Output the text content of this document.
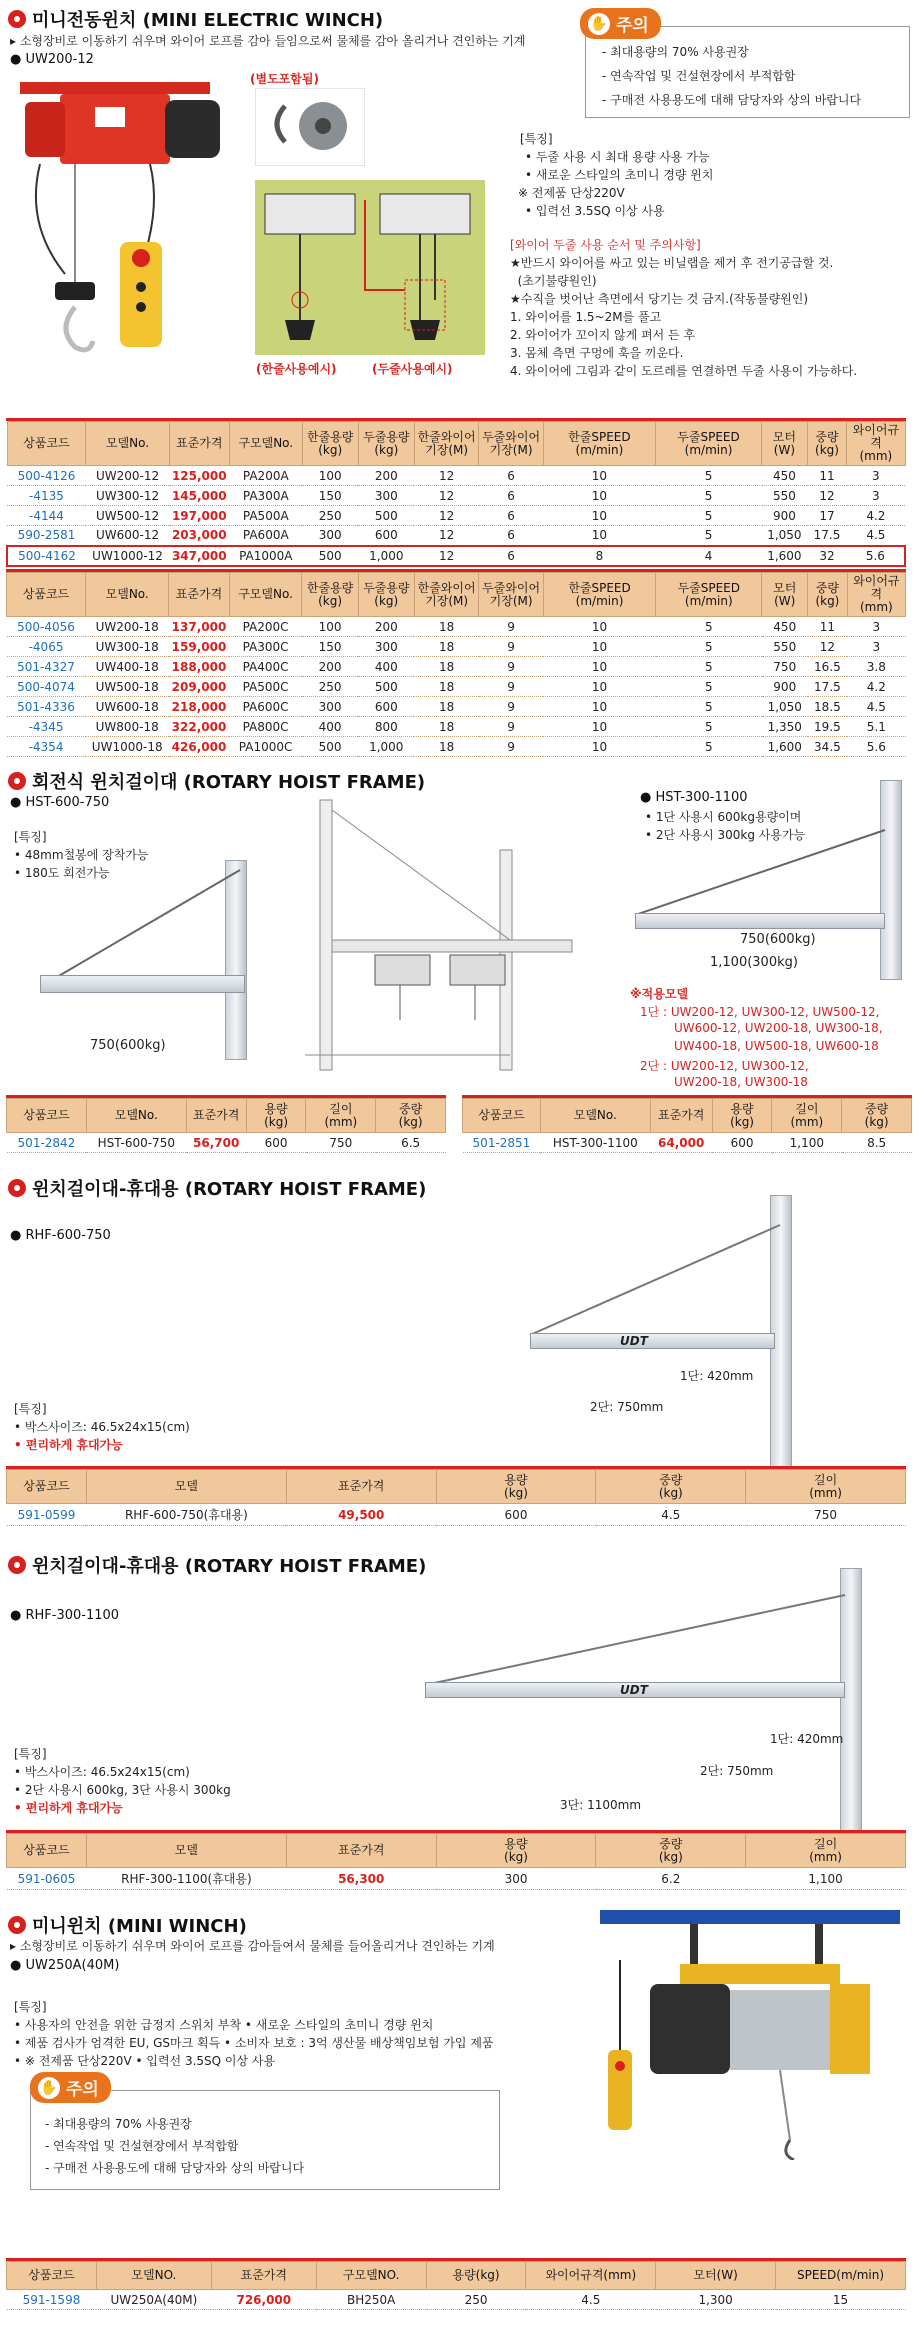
미니전동윈치 (MINI ELECTRIC WINCH)
▸ 소형장비로 이동하기 쉬우며 와이어 로프를 감아 들임으로써 물체를 감아 올리거나 견인하는 기계
● UW200-12
(별도포함됨)
(한줄사용예시)	(두줄사용예시)
- 최대용량의 70% 사용권장
- 연속작업 및 건설현장에서 부적합함
- 구매전 사용용도에 대해 담당자와 상의 바랍니다
✋ 주의
[특징]
• 두줄 사용 시 최대 용량 사용 가능
• 새로운 스타일의 초미니 경량 윈치
※ 전제품 단상220V
• 입력선 3.5SQ 이상 사용
[와이어 두줄 사용 순서 및 주의사항]
★반드시 와이어를 싸고 있는 비닐랩을 제거 후 전기공급할 것.
(초기불량원인)
★수직을 벗어난 측면에서 당기는 것 금지.(작동불량원인)
1. 와이어를 1.5~2M를 풀고
2. 와이어가 꼬이지 않게 펴서 든 후
3. 몸체 측면 구멍에 훅을 끼운다.
4. 와이어에 그림과 같이 도르레를 연결하면 두줄 사용이 가능하다.
상품코드	모델No.	표준가격	구모델No.	한줄용량
(kg)	두줄용량
(kg)	한줄와이어
기장(M)	두줄와이어
기장(M)	한줄SPEED
(m/min)	두줄SPEED
(m/min)	모터
(W)	중량
(kg)	와이어규격
(mm)
500-4126	UW200-12	125,000	PA200A	100	200	12	6	10	5	450	11	3
-4135	UW300-12	145,000	PA300A	150	300	12	6	10	5	550	12	3
-4144	UW500-12	197,000	PA500A	250	500	12	6	10	5	900	17	4.2
590-2581	UW600-12	203,000	PA600A	300	600	12	6	10	5	1,050	17.5	4.5
500-4162	UW1000-12	347,000	PA1000A	500	1,000	12	6	8	4	1,600	32	5.6
상품코드	모델No.	표준가격	구모델No.	한줄용량
(kg)	두줄용량
(kg)	한줄와이어
기장(M)	두줄와이어
기장(M)	한줄SPEED
(m/min)	두줄SPEED
(m/min)	모터
(W)	중량
(kg)	와이어규격
(mm)
500-4056	UW200-18	137,000	PA200C	100	200	18	9	10	5	450	11	3
-4065	UW300-18	159,000	PA300C	150	300	18	9	10	5	550	12	3
501-4327	UW400-18	188,000	PA400C	200	400	18	9	10	5	750	16.5	3.8
500-4074	UW500-18	209,000	PA500C	250	500	18	9	10	5	900	17.5	4.2
501-4336	UW600-18	218,000	PA600C	300	600	18	9	10	5	1,050	18.5	4.5
-4345	UW800-18	322,000	PA800C	400	800	18	9	10	5	1,350	19.5	5.1
-4354	UW1000-18	426,000	PA1000C	500	1,000	18	9	10	5	1,600	34.5	5.6
회전식 윈치걸이대 (ROTARY HOIST FRAME)
● HST-600-750
[특징]
• 48mm철봉에 장착가능
• 180도 회전가능
750(600kg)
● HST-300-1100
• 1단 사용시 600kg용량이며
• 2단 사용시 300kg 사용가능
750(600kg)
1,100(300kg)
※적용모델
1단 : UW200-12, UW300-12, UW500-12,
UW600-12, UW200-18, UW300-18,
UW400-18, UW500-18, UW600-18
2단 : UW200-12, UW300-12,
UW200-18, UW300-18
상품코드	모델No.	표준가격	용량
(kg)	길이
(mm)	중량
(kg)
501-2842	HST-600-750	56,700	600	750	6.5
상품코드	모델No.	표준가격	용량
(kg)	길이
(mm)	중량
(kg)
501-2851	HST-300-1100	64,000	600	1,100	8.5
윈치걸이대-휴대용 (ROTARY HOIST FRAME)
● RHF-600-750
UDT
1단: 420mm
2단: 750mm
[특징]
• 박스사이즈: 46.5x24x15(cm)
• 편리하게 휴대가능
상품코드	모델	표준가격	용량
(kg)	중량
(kg)	길이
(mm)
591-0599	RHF-600-750(휴대용)	49,500	600	4.5	750
윈치걸이대-휴대용 (ROTARY HOIST FRAME)
● RHF-300-1100
UDT
1단: 420mm
2단: 750mm
3단: 1100mm
[특징]
• 박스사이즈: 46.5x24x15(cm)
• 2단 사용시 600kg, 3단 사용시 300kg
• 편리하게 휴대가능
상품코드	모델	표준가격	용량
(kg)	중량
(kg)	길이
(mm)
591-0605	RHF-300-1100(휴대용)	56,300	300	6.2	1,100
미니윈치 (MINI WINCH)
▸ 소형장비로 이동하기 쉬우며 와이어 로프를 감아들여서 물체를 들어올리거나 견인하는 기계
● UW250A(40M)
[특징]
• 사용자의 안전을 위한 급정지 스위치 부착 • 새로운 스타일의 초미니 경량 윈치
• 제품 검사가 엄격한 EU, GS마크 획득 • 소비자 보호 : 3억 생산물 배상책임보험 가입 제품
• ※ 전제품 단상220V • 입력선 3.5SQ 이상 사용
- 최대용량의 70% 사용권장
- 연속작업 및 건설현장에서 부적합함
- 구매전 사용용도에 대해 담당자와 상의 바랍니다
✋ 주의
상품코드	모델NO.	표준가격	구모델NO.	용량(kg)	와이어규격(mm)	모터(W)	SPEED(m/min)
591-1598	UW250A(40M)	726,000	BH250A	250	4.5	1,300	15
